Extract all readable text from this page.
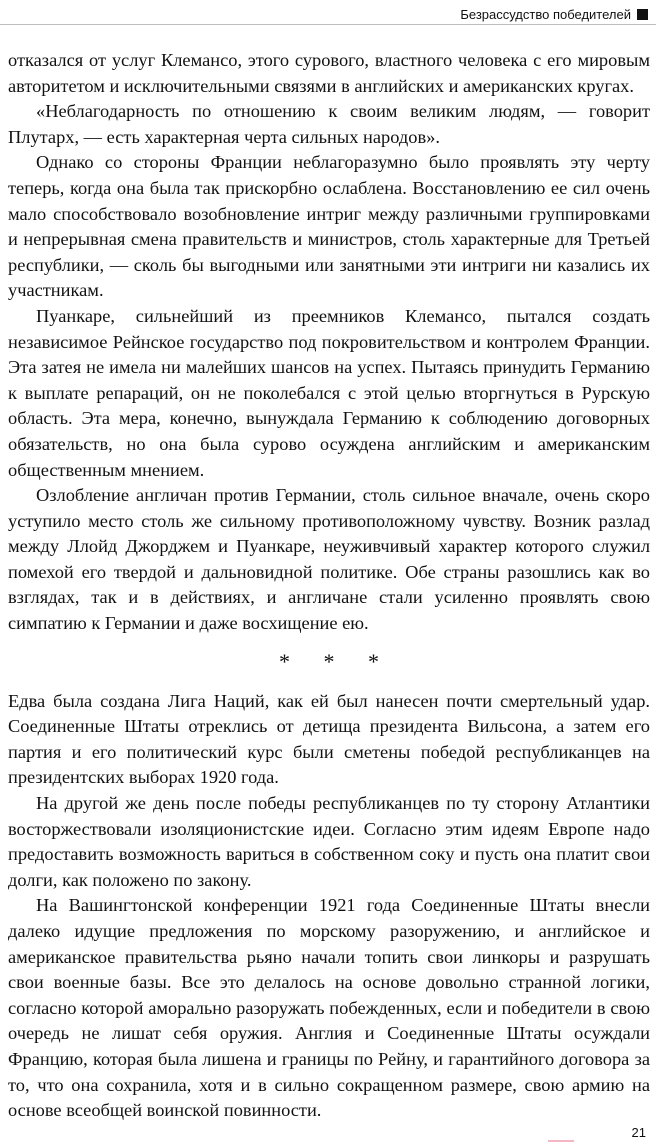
Безрассудство победителей

отказался от услуг Клемансо, этого сурового, властного человека с его мировым авторитетом и исключительными связями в английских и американских кругах.

«Неблагодарность по отношению к своим великим людям, — говорит Плутарх, — есть характерная черта сильных народов».

Однако со стороны Франции неблагоразумно было проявлять эту черту теперь, когда она была так прискорбно ослаблена. Восстановлению ее сил очень мало способствовало возобновление интриг между различными группировками и непрерывная смена правительств и министров, столь характерные для Третьей республики, — сколь бы выгодными или занятными эти интриги ни казались их участникам.

Пуанкаре, сильнейший из преемников Клемансо, пытался создать независимое Рейнское государство под покровительством и контролем Франции. Эта затея не имела ни малейших шансов на успех. Пытаясь принудить Германию к выплате репараций, он не поколебался с этой целью вторгнуться в Рурскую область. Эта мера, конечно, вынуждала Германию к соблюдению договорных обязательств, но она была сурово осуждена английским и американским общественным мнением.

Озлобление англичан против Германии, столь сильное вначале, очень скоро уступило место столь же сильному противоположному чувству. Возник разлад между Ллойд Джорджем и Пуанкаре, неуживчивый характер которого служил помехой его твердой и дальновидной политике. Обе страны разошлись как во взглядах, так и в действиях, и англичане стали усиленно проявлять свою симпатию к Германии и даже восхищение ею.

* * *

Едва была создана Лига Наций, как ей был нанесен почти смертельный удар. Соединенные Штаты отреклись от детища президента Вильсона, а затем его партия и его политический курс были сметены победой республиканцев на президентских выборах 1920 года.

На другой же день после победы республиканцев по ту сторону Атлантики восторжествовали изоляционистские идеи. Согласно этим идеям Европе надо предоставить возможность вариться в собственном соку и пусть она платит свои долги, как положено по закону.

На Вашингтонской конференции 1921 года Соединенные Штаты внесли далеко идущие предложения по морскому разоружению, и английское и американское правительства рьяно начали топить свои линкоры и разрушать свои военные базы. Все это делалось на основе довольно странной логики, согласно которой аморально разоружать побежденных, если и победители в свою очередь не лишат себя оружия. Англия и Соединенные Штаты осуждали Францию, которая была лишена и границы по Рейну, и гарантийного договора за то, что она сохранила, хотя и в сильно сокращенном размере, свою армию на основе всеобщей воинской повинности.

21
